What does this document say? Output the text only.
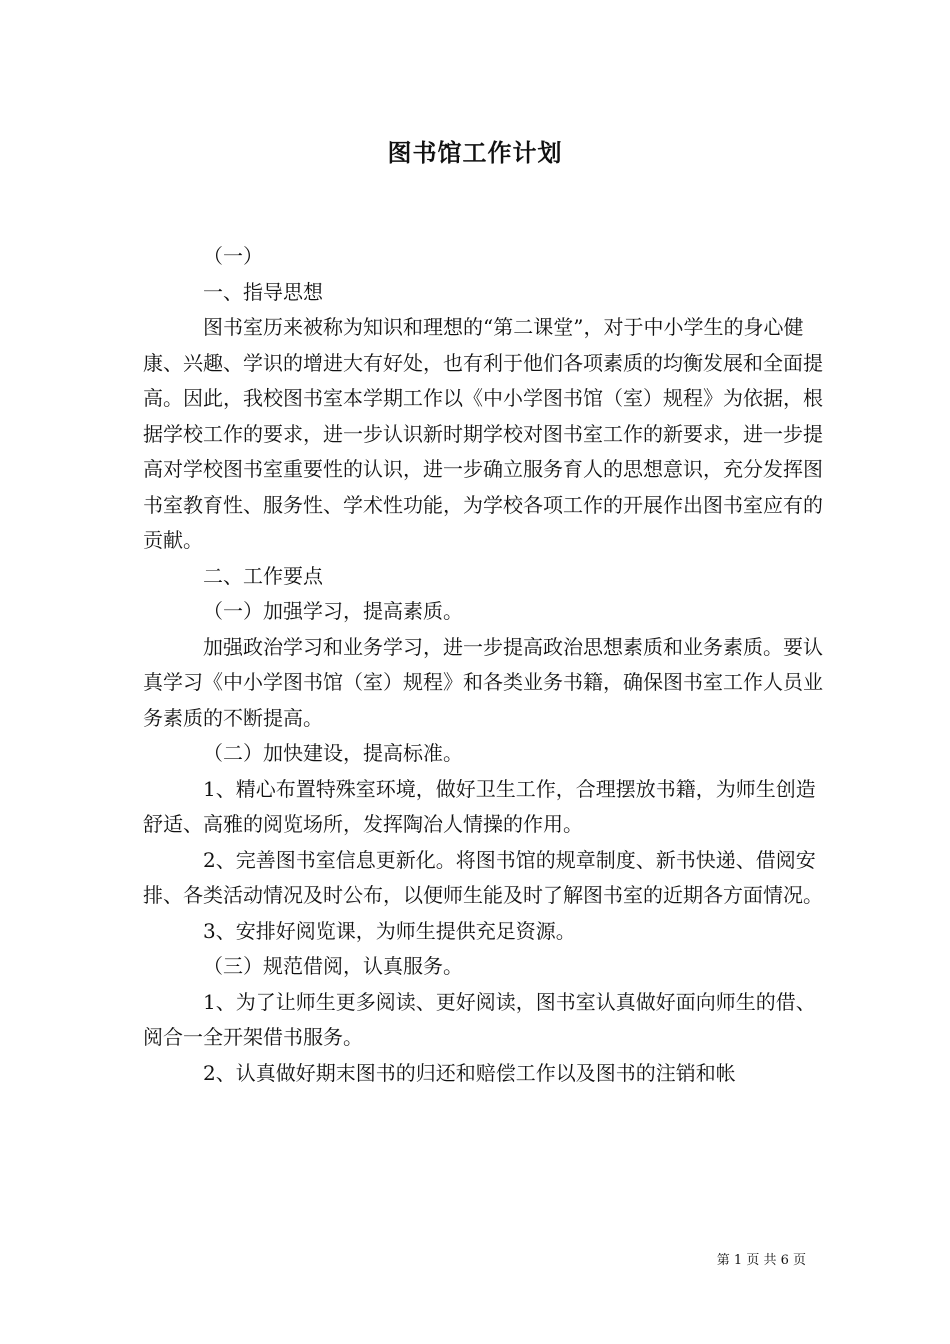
图书馆工作计划

（一）

一、指导思想

图书室历来被称为知识和理想的“第二课堂”，对于中小学生的身心健康、兴趣、学识的增进大有好处，也有利于他们各项素质的均衡发展和全面提高。因此，我校图书室本学期工作以《中小学图书馆（室）规程》为依据，根据学校工作的要求，进一步认识新时期学校对图书室工作的新要求，进一步提高对学校图书室重要性的认识，进一步确立服务育人的思想意识，充分发挥图书室教育性、服务性、学术性功能，为学校各项工作的开展作出图书室应有的贡献。

二、工作要点

（一）加强学习，提高素质。

加强政治学习和业务学习，进一步提高政治思想素质和业务素质。要认真学习《中小学图书馆（室）规程》和各类业务书籍，确保图书室工作人员业务素质的不断提高。

（二）加快建设，提高标准。

1、精心布置特殊室环境，做好卫生工作，合理摆放书籍，为师生创造舒适、高雅的阅览场所，发挥陶冶人情操的作用。

2、完善图书室信息更新化。将图书馆的规章制度、新书快递、借阅安排、各类活动情况及时公布，以便师生能及时了解图书室的近期各方面情况。

3、安排好阅览课，为师生提供充足资源。

（三）规范借阅，认真服务。

1、为了让师生更多阅读、更好阅读，图书室认真做好面向师生的借、阅合一全开架借书服务。

2、认真做好期末图书的归还和赔偿工作以及图书的注销和帐

第 1 页 共 6 页
